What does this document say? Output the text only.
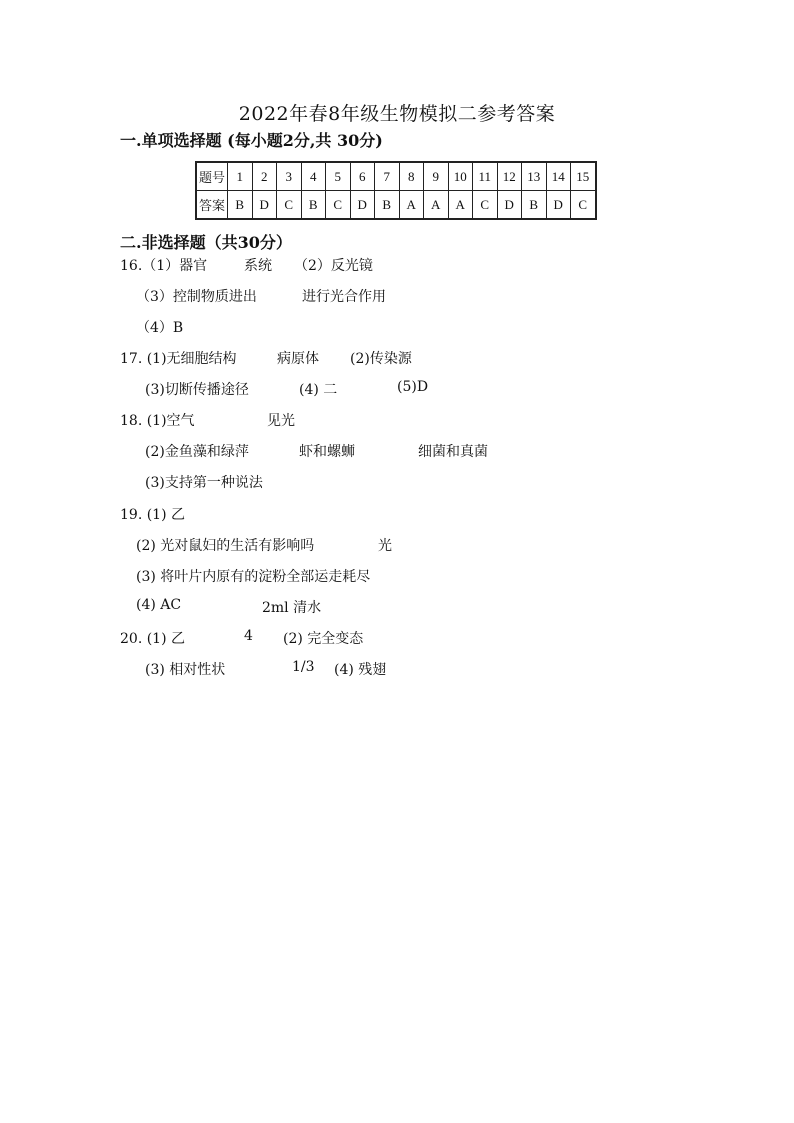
2022年春8年级生物模拟二参考答案
一.单项选择题 (每小题2分,共 30分)
题号	1	2	3	4	5	6	7	8	9	10	11	12	13	14	15
答案	B	D	C	B	C	D	B	A	A	A	C	D	B	D	C
二.非选择题（共30分）
16.（1）器官	系统 （2）反光镜
（3）控制物质进出	进行光合作用
（4）B
17. (1)无细胞结构	病原体 (2)传染源
(3)切断传播途径	(4) 二	(5)D
18. (1)空气	见光
(2)金鱼藻和绿萍	虾和螺蛳	细菌和真菌
(3)支持第一种说法
19. (1) 乙
(2) 光对鼠妇的生活有影响吗	光
(3) 将叶片内原有的淀粉全部运走耗尽
(4) AC	2ml 清水
20. (1) 乙	4 (2) 完全变态
(3) 相对性状	1/3 (4) 残翅
